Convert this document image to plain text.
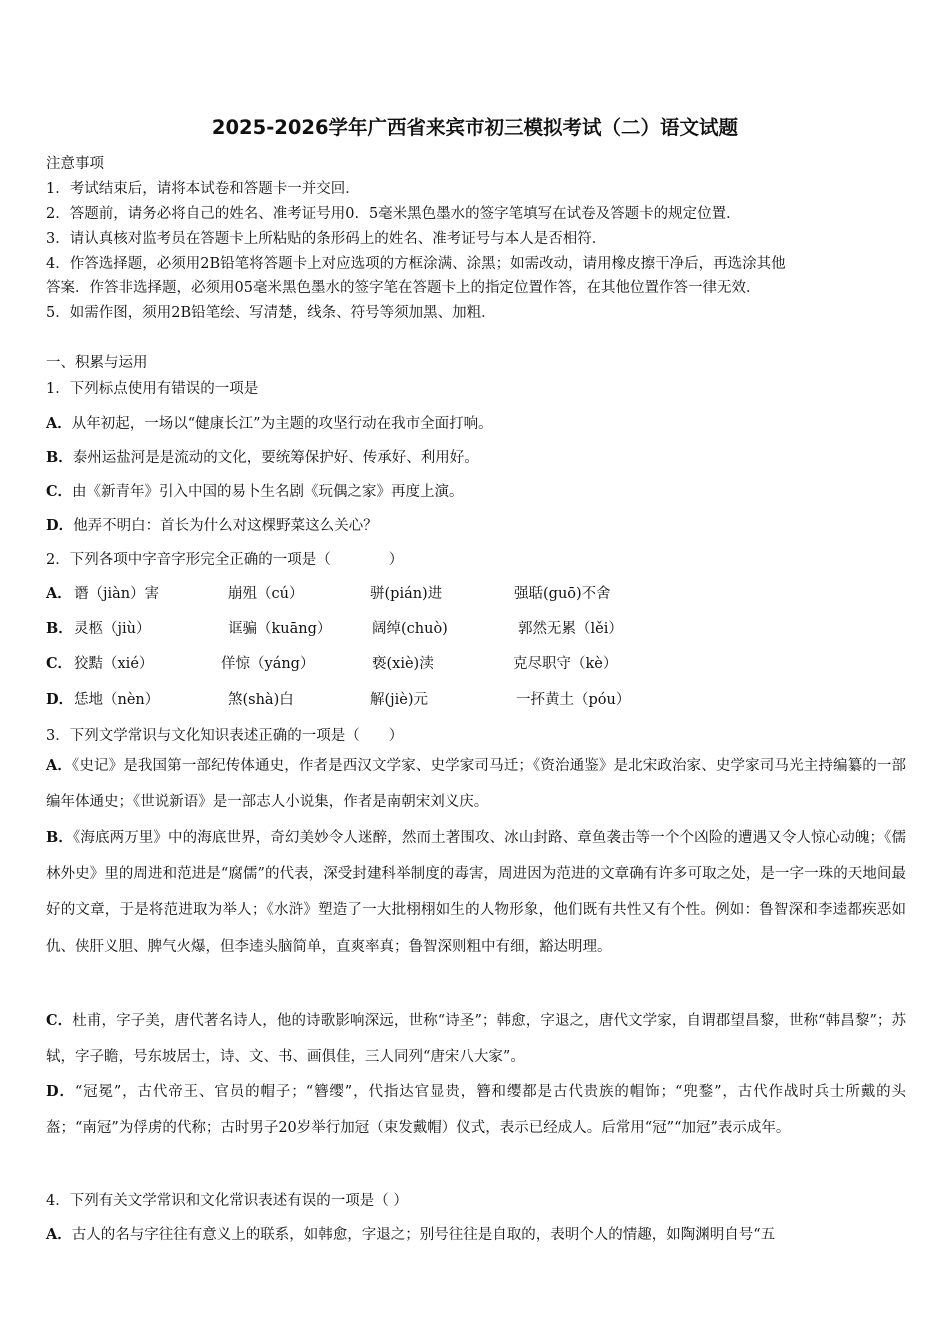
2025-2026学年广西省来宾市初三模拟考试（二）语文试题
注意事项
1．考试结束后，请将本试卷和答题卡一并交回．
2．答题前，请务必将自己的姓名、准考证号用0．5毫米黑色墨水的签字笔填写在试卷及答题卡的规定位置．
3．请认真核对监考员在答题卡上所粘贴的条形码上的姓名、准考证号与本人是否相符．
4．作答选择题，必须用2B铅笔将答题卡上对应选项的方框涂满、涂黑；如需改动，请用橡皮擦干净后，再选涂其他
答案．作答非选择题，必须用05毫米黑色墨水的签字笔在答题卡上的指定位置作答，在其他位置作答一律无效．
5．如需作图，须用2B铅笔绘、写清楚，线条、符号等须加黑、加粗．
一、积累与运用
1．下列标点使用有错误的一项是
A．从年初起，一场以“健康长江”为主题的攻坚行动在我市全面打响。
B．泰州运盐河是是流动的文化，要统筹保护好、传承好、利用好。
C．由《新青年》引入中国的易卜生名剧《玩偶之家》再度上演。
D．他弄不明白：首长为什么对这棵野菜这么关心？
2．下列各项中字音字形完全正确的一项是（　　　　）
A． 谮（jiàn）害	崩殂（cú）	骈(pián)进	强聒(guō)不舍
B． 灵柩（jiù）	诓骗（kuāng）	阔绰(chuò)	郭然无累（lěi）
C． 狡黠（xié）	佯惊（yáng）	亵(xiè)渎	克尽职守（kè）
D． 恁地（nèn）	煞(shà)白	解(jiè)元	一抔黄土（póu）
3．下列文学常识与文化知识表述正确的一项是（　　）
A．《史记》是我国第一部纪传体通史，作者是西汉文学家、史学家司马迁；《资治通鉴》是北宋政治家、史学家司马光主持编纂的一部编年体通史；《世说新语》是一部志人小说集，作者是南朝宋刘义庆。
B．《海底两万里》中的海底世界，奇幻美妙令人迷醉，然而土著围攻、冰山封路、章鱼袭击等一个个凶险的遭遇又令人惊心动魄；《儒林外史》里的周进和范进是“腐儒”的代表，深受封建科举制度的毒害，周进因为范进的文章确有许多可取之处，是一字一珠的天地间最好的文章，于是将范进取为举人；《水浒》塑造了一大批栩栩如生的人物形象，他们既有共性又有个性。例如：鲁智深和李逵都疾恶如仇、侠肝义胆、脾气火爆，但李逵头脑简单，直爽率真；鲁智深则粗中有细，豁达明理。
C．杜甫，字子美，唐代著名诗人，他的诗歌影响深远，世称“诗圣”；韩愈，字退之，唐代文学家，自谓郡望昌黎，世称“韩昌黎”；苏轼，字子瞻，号东坡居士，诗、文、书、画俱佳，三人同列“唐宋八大家”。
D．“冠冕”，古代帝王、官员的帽子；“簪缨”，代指达官显贵，簪和缨都是古代贵族的帽饰；“兜鍪”，古代作战时兵士所戴的头盔；“南冠”为俘虏的代称；古时男子20岁举行加冠（束发戴帽）仪式，表示已经成人。后常用“冠”“加冠”表示成年。
4．下列有关文学常识和文化常识表述有误的一项是（ ）
A．古人的名与字往往有意义上的联系，如韩愈，字退之；别号往往是自取的，表明个人的情趣，如陶渊明自号“五
